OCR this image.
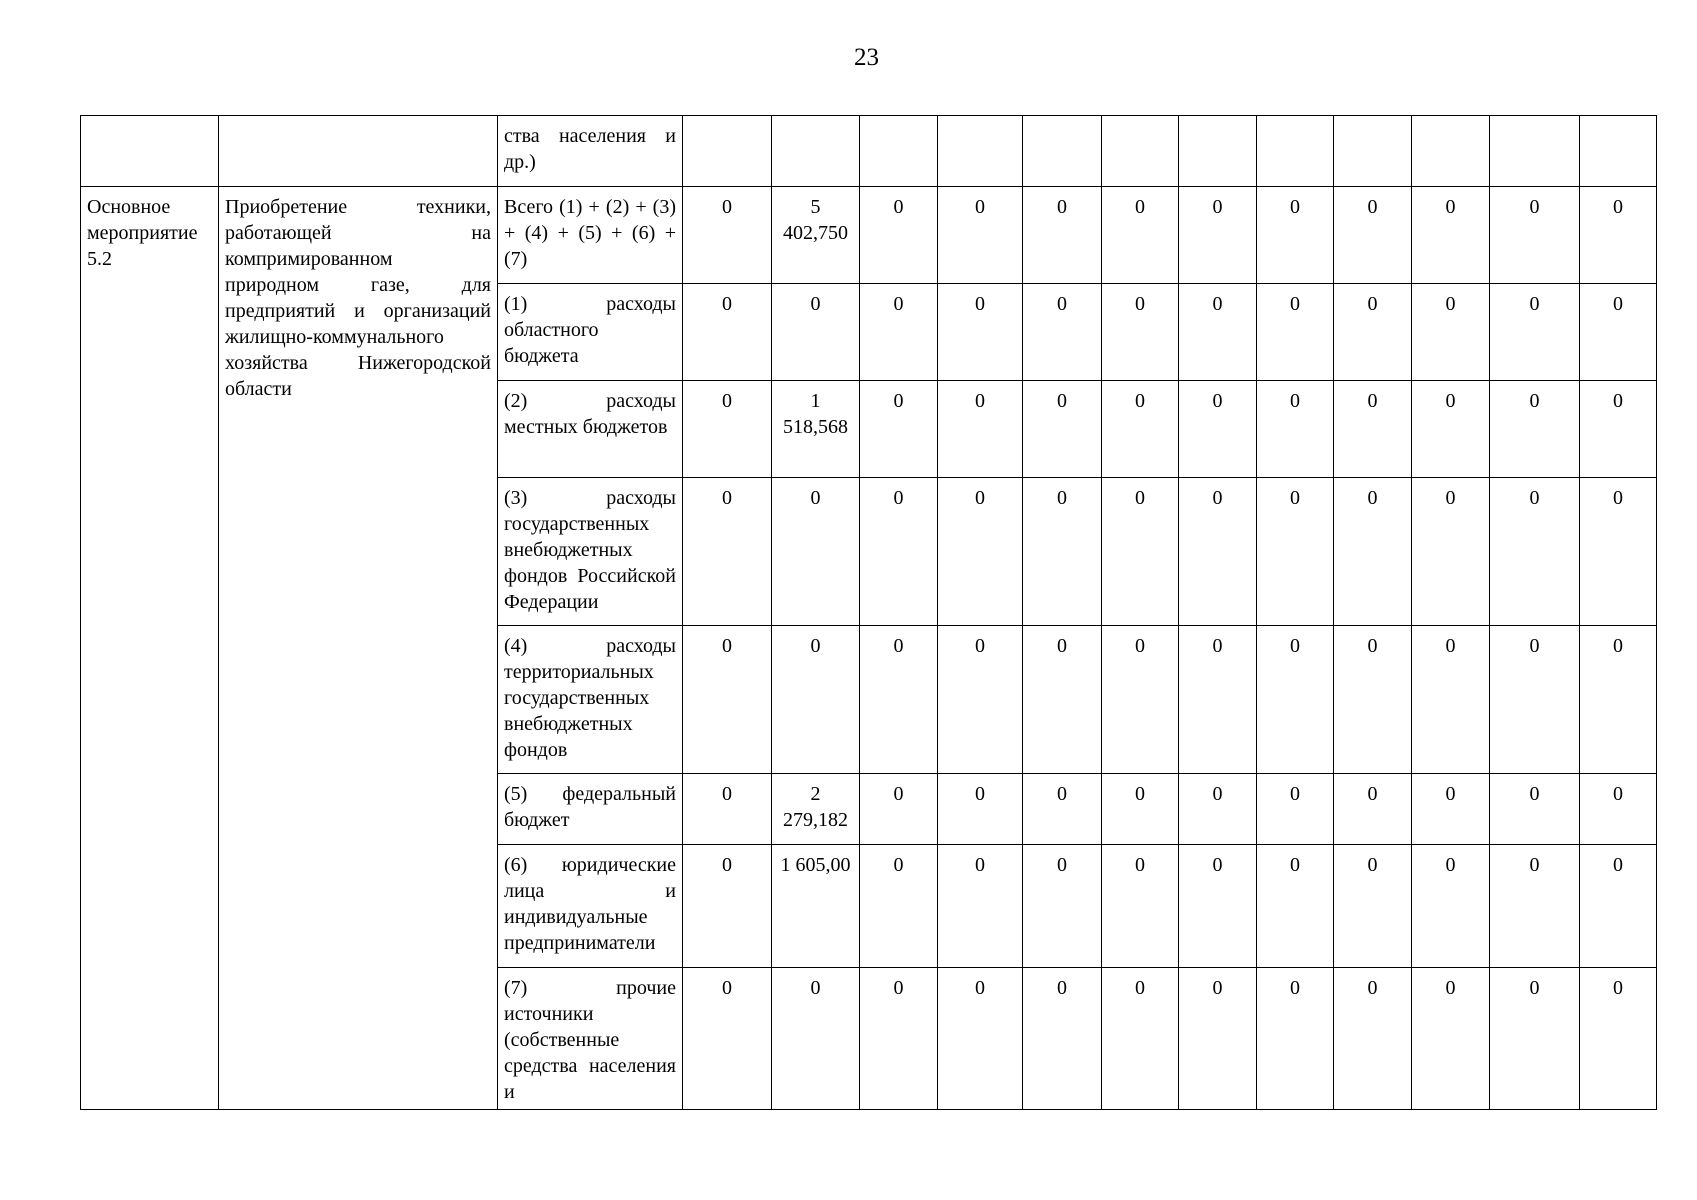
23
		ства населения и др.)												
Основное мероприятие 5.2	Приобретение техники, работающей на компримированном природном газе, для предприятий и организаций жилищно-коммунального хозяйства Нижегородской области	Всего (1) + (2) + (3) + (4) + (5) + (6) + (7)	0	5 402,750	0	0	0	0	0	0	0	0	0	0
		(1) расходы областного бюджета	0	0	0	0	0	0	0	0	0	0	0	0
		(2) расходы местных бюджетов	0	1 518,568	0	0	0	0	0	0	0	0	0	0
		(3) расходы государственных внебюджетных фондов Российской Федерации	0	0	0	0	0	0	0	0	0	0	0	0
		(4) расходы территориальных государственных внебюджетных фондов	0	0	0	0	0	0	0	0	0	0	0	0
		(5) федеральный бюджет	0	2 279,182	0	0	0	0	0	0	0	0	0	0
		(6) юридические лица и индивидуальные предприниматели	0	1 605,00	0	0	0	0	0	0	0	0	0	0
		(7) прочие источники (собственные средства населения и	0	0	0	0	0	0	0	0	0	0	0	0
